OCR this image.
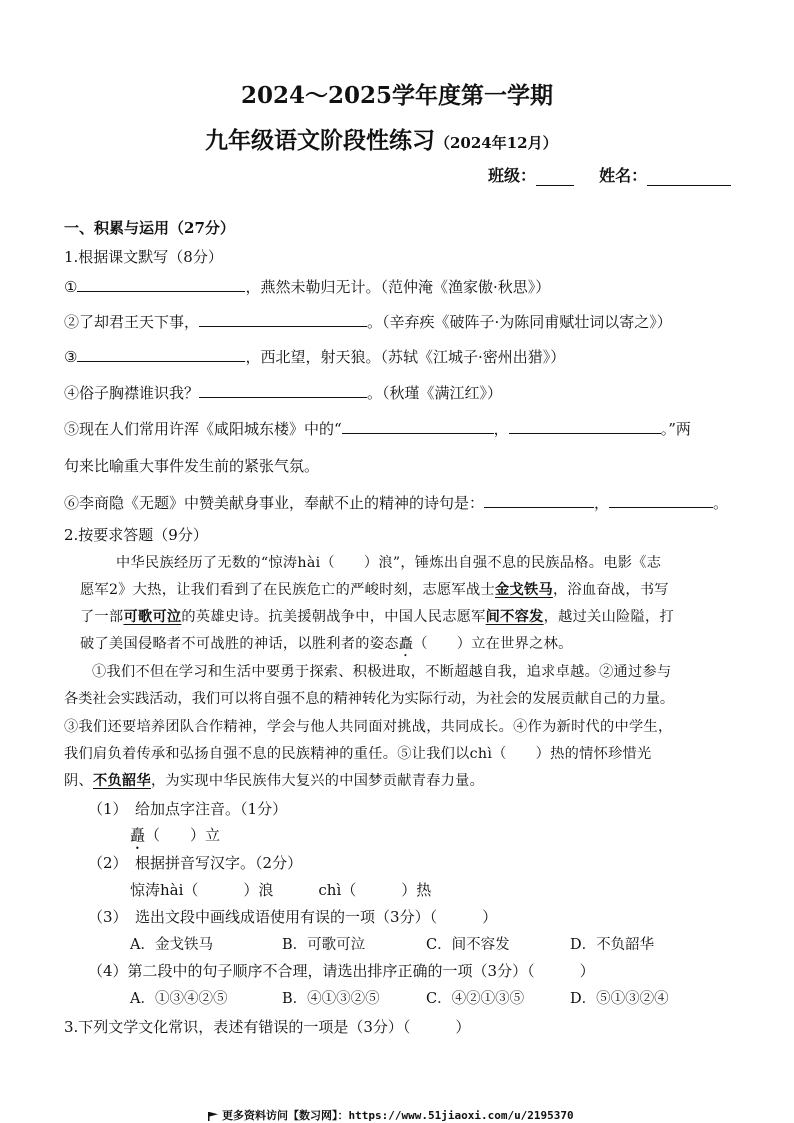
2024～2025学年度第一学期
九年级语文阶段性练习（2024年12月）
班级：	姓名：
一、积累与运用（27分）
1.根据课文默写（8分）
①	，燕然未勒归无计。（范仲淹《渔家傲·秋思》）
②了却君王天下事，	。（辛弃疾《破阵子·为陈同甫赋壮词以寄之》）
③	，西北望，射天狼。（苏轼《江城子·密州出猎》）
④俗子胸襟谁识我？	。（秋瑾《满江红》）
⑤现在人们常用许浑《咸阳城东楼》中的“	，	。”两
句来比喻重大事件发生前的紧张气氛。
⑥李商隐《无题》中赞美献身事业，奉献不止的精神的诗句是：	，	。
2.按要求答题（9分）
中华民族经历了无数的“惊涛hài（　　）浪”，锤炼出自强不息的民族品格。电影《志
愿军2》大热，让我们看到了在民族危亡的严峻时刻，志愿军战士金戈铁马，浴血奋战，书写
了一部可歌可泣的英雄史诗。抗美援朝战争中，中国人民志愿军间不容发，越过关山险隘，打
破了美国侵略者不可战胜的神话，以胜利者的姿态矗（　　）立在世界之林。
①我们不但在学习和生活中要勇于探索、积极进取，不断超越自我，追求卓越。②通过参与
各类社会实践活动，我们可以将自强不息的精神转化为实际行动，为社会的发展贡献自己的力量。
③我们还要培养团队合作精神，学会与他人共同面对挑战，共同成长。④作为新时代的中学生，
我们肩负着传承和弘扬自强不息的民族精神的重任。⑤让我们以chì（　　）热的情怀珍惜光
阴、不负韶华，为实现中华民族伟大复兴的中国梦贡献青春力量。
（1）　给加点字注音。（1分）
矗（　　）立
（2）　根据拼音写汉字。（2分）
惊涛hài（　　　）浪　　　chì（　　　）热
（3）　选出文段中画线成语使用有误的一项（3分）（　　　）
A．金戈铁马	B．可歌可泣	C．间不容发	D．不负韶华
（4）第二段中的句子顺序不合理，请选出排序正确的一项（3分）（　　　）
A．①③④②⑤	B．④①③②⑤	C．④②①③⑤	D．⑤①③②④
3.下列文学文化常识，表述有错误的一项是（3分）（　　　）
更多资料访问【数习网】：https://www.51jiaoxi.com/u/2195370
